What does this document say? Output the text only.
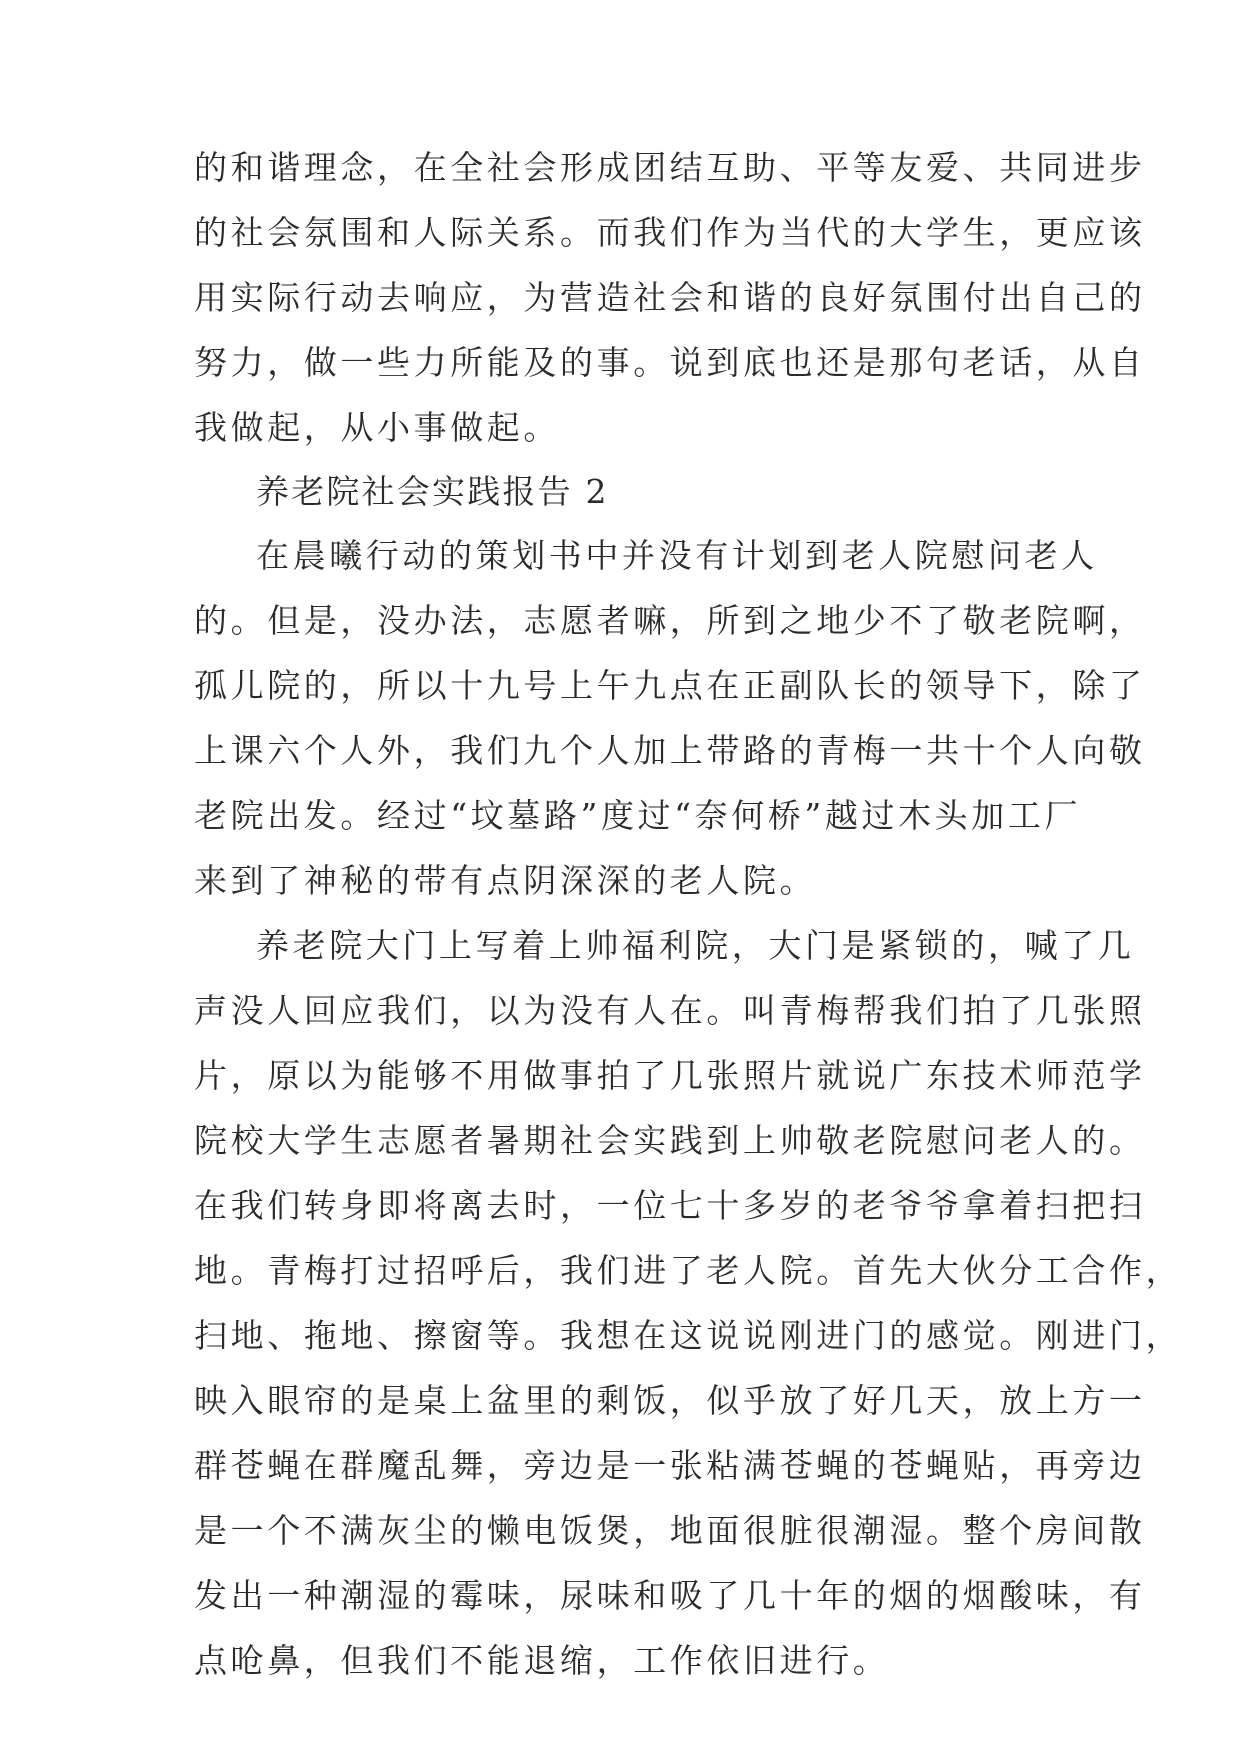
的和谐理念，在全社会形成团结互助、平等友爱、共同进步
的社会氛围和人际关系。而我们作为当代的大学生，更应该
用实际行动去响应，为营造社会和谐的良好氛围付出自己的
努力，做一些力所能及的事。说到底也还是那句老话，从自
我做起，从小事做起。
养老院社会实践报告 2
在晨曦行动的策划书中并没有计划到老人院慰问老人
的。但是，没办法，志愿者嘛，所到之地少不了敬老院啊，
孤儿院的，所以十九号上午九点在正副队长的领导下，除了
上课六个人外，我们九个人加上带路的青梅一共十个人向敬
老院出发。经过“坟墓路”度过“奈何桥”越过木头加工厂
来到了神秘的带有点阴深深的老人院。
养老院大门上写着上帅福利院，大门是紧锁的，喊了几
声没人回应我们，以为没有人在。叫青梅帮我们拍了几张照
片，原以为能够不用做事拍了几张照片就说广东技术师范学
院校大学生志愿者暑期社会实践到上帅敬老院慰问老人的。
在我们转身即将离去时，一位七十多岁的老爷爷拿着扫把扫
地。青梅打过招呼后，我们进了老人院。首先大伙分工合作，
扫地、拖地、擦窗等。我想在这说说刚进门的感觉。刚进门，
映入眼帘的是桌上盆里的剩饭，似乎放了好几天，放上方一
群苍蝇在群魔乱舞，旁边是一张粘满苍蝇的苍蝇贴，再旁边
是一个不满灰尘的懒电饭煲，地面很脏很潮湿。整个房间散
发出一种潮湿的霉味，尿味和吸了几十年的烟的烟酸味，有
点呛鼻，但我们不能退缩，工作依旧进行。
